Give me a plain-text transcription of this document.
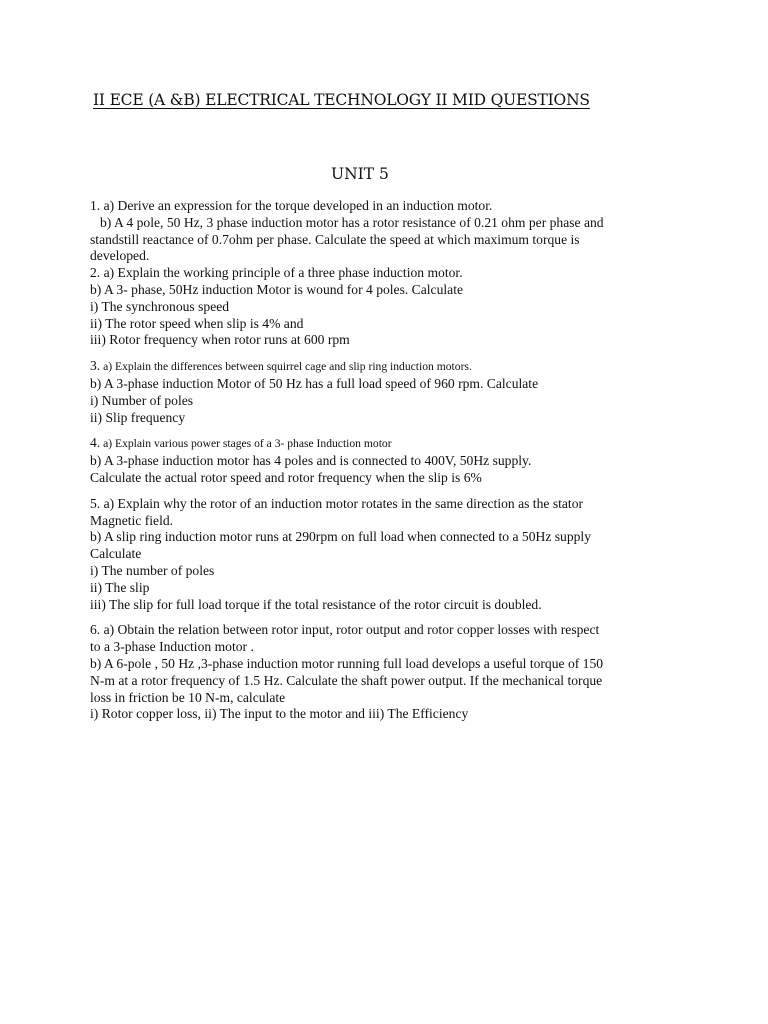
II ECE (A &B) ELECTRICAL TECHNOLOGY II MID QUESTIONS
UNIT 5
1. a) Derive an expression for the torque developed in an induction motor.
b) A 4 pole, 50 Hz, 3 phase induction motor has a rotor resistance of 0.21 ohm per phase and
standstill reactance of 0.7ohm per phase. Calculate the speed at which maximum torque is
developed.
2. a) Explain the working principle of a three phase induction motor.
b) A 3- phase, 50Hz induction Motor is wound for 4 poles. Calculate
i) The synchronous speed
ii) The rotor speed when slip is 4% and
iii) Rotor frequency when rotor runs at 600 rpm
3. a) Explain the differences between squirrel cage and slip ring induction motors.
b) A 3-phase induction Motor of 50 Hz has a full load speed of 960 rpm. Calculate
i) Number of poles
ii) Slip frequency
4. a) Explain various power stages of a 3- phase Induction motor
b) A 3-phase induction motor has 4 poles and is connected to 400V, 50Hz supply.
Calculate the actual rotor speed and rotor frequency when the slip is 6%
5. a) Explain why the rotor of an induction motor rotates in the same direction as the stator
Magnetic field.
b) A slip ring induction motor runs at 290rpm on full load when connected to a 50Hz supply
Calculate
i) The number of poles
ii) The slip
iii) The slip for full load torque if the total resistance of the rotor circuit is doubled.
6. a) Obtain the relation between rotor input, rotor output and rotor copper losses with respect
to a 3-phase Induction motor .
b) A 6-pole , 50 Hz ,3-phase induction motor running full load develops a useful torque of 150
N-m at a rotor frequency of 1.5 Hz. Calculate the shaft power output. If the mechanical torque
loss in friction be 10 N-m, calculate
i) Rotor copper loss, ii) The input to the motor and iii) The Efficiency
